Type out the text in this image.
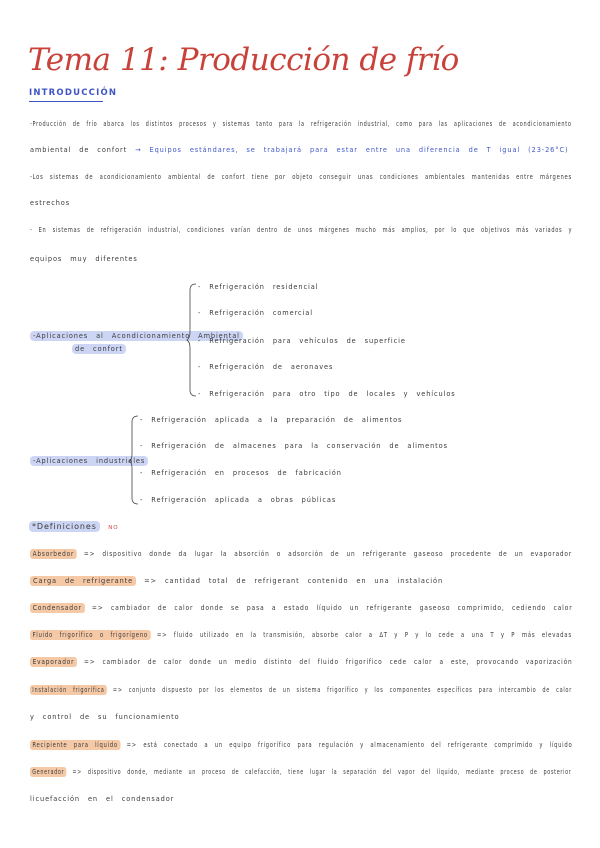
Tema 11: Producción de frío
INTRODUCCIÓN
-Producción de frío abarca los distintos procesos y sistemas tanto para la refrigeración industrial, como para las aplicaciones de acondicionamiento
ambiental de confort → Equipos estándares, se trabajará para estar entre una diferencia de T igual (23-26°C)
-Los sistemas de acondicionamiento ambiental de confort tiene por objeto conseguir unas condiciones ambientales mantenidas entre márgenes
estrechos
- En sistemas de refrigeración industrial, condiciones varían dentro de unos márgenes mucho más amplios, por lo que objetivos más variados y
equipos muy diferentes
-Aplicaciones al Acondicionamiento Ambiental
de confort
- Refrigeración residencial
- Refrigeración comercial
- Refrigeración para vehículos de superficie
- Refrigeración de aeronaves
- Refrigeración para otro tipo de locales y vehículos
-Aplicaciones industriales
- Refrigeración aplicada a la preparación de alimentos
- Refrigeración de almacenes para la conservación de alimentos
- Refrigeración en procesos de fabricación
- Refrigeración aplicada a obras públicas
*Definiciones NO
Absorbedor => dispositivo donde da lugar la absorción o adsorción de un refrigerante gaseoso procedente de un evaporador
Carga de refrigerante => cantidad total de refrigerant contenido en una instalación
Condensador => cambiador de calor donde se pasa a estado líquido un refrigerante gaseoso comprimido, cediendo calor
Fluido frigorífico o frigorígeno => fluido utilizado en la transmisión, absorbe calor a ΔT y P y lo cede a una T y P más elevadas
Evaporador => cambiador de calor donde un medio distinto del fluido frigorífico cede calor a este, provocando vaporización
Instalación frigorífica => conjunto dispuesto por los elementos de un sistema frigorífico y los componentes específicos para intercambio de calor
y control de su funcionamiento
Recipiente para líquido => está conectado a un equipo frigorífico para regulación y almacenamiento del refrigerante comprimido y líquido
Generador => dispositivo donde, mediante un proceso de calefacción, tiene lugar la separación del vapor del líquido, mediante proceso de posterior
licuefacción en el condensador
